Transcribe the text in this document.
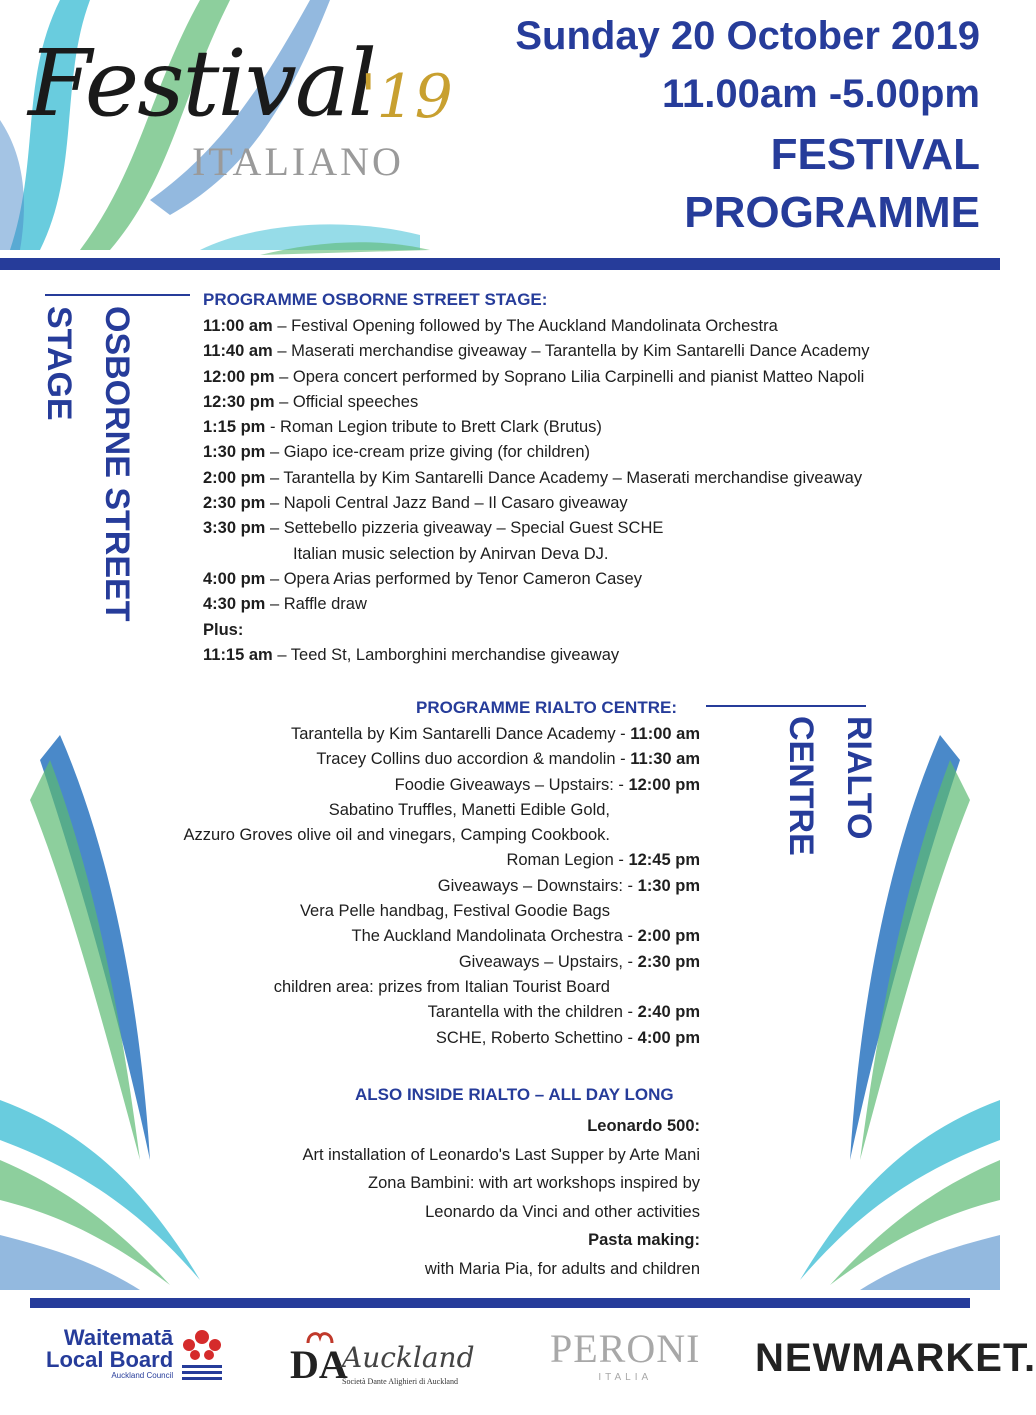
Festival
'19
ITALIANO
Sunday 20 October 2019
11.00am -5.00pm
FESTIVAL
PROGRAMME
OSBORNE STREET
STAGE
PROGRAMME OSBORNE STREET STAGE:
11:00 am – Festival Opening followed by The Auckland Mandolinata Orchestra
11:40 am – Maserati merchandise giveaway – Tarantella by Kim Santarelli Dance Academy
12:00 pm – Opera concert performed by Soprano Lilia Carpinelli and pianist Matteo Napoli
12:30 pm – Official speeches
1:15 pm - Roman Legion tribute to Brett Clark (Brutus)
1:30 pm – Giapo ice-cream prize giving (for children)
2:00 pm – Tarantella by Kim Santarelli Dance Academy – Maserati merchandise giveaway
2:30 pm – Napoli Central Jazz Band – Il Casaro giveaway
3:30 pm – Settebello pizzeria giveaway – Special Guest SCHE
Italian music selection by Anirvan Deva DJ.
4:00 pm – Opera Arias performed by Tenor Cameron Casey
4:30 pm – Raffle draw
Plus:
11:15 am – Teed St, Lamborghini merchandise giveaway
PROGRAMME RIALTO CENTRE:
RIALTO
CENTRE
Tarantella by Kim Santarelli Dance Academy - 11:00 am
Tracey Collins duo accordion & mandolin - 11:30 am
Foodie Giveaways – Upstairs: - 12:00 pm
Sabatino Truffles, Manetti Edible Gold,
Azzuro Groves olive oil and vinegars, Camping Cookbook.
Roman Legion - 12:45 pm
Giveaways – Downstairs: - 1:30 pm
Vera Pelle handbag, Festival Goodie Bags
The Auckland Mandolinata Orchestra - 2:00 pm
Giveaways – Upstairs, - 2:30 pm
children area: prizes from Italian Tourist Board
Tarantella with the children - 2:40 pm
SCHE, Roberto Schettino - 4:00 pm
ALSO INSIDE RIALTO – ALL DAY LONG
Leonardo 500:
Art installation of Leonardo's Last Supper by Arte Mani
Zona Bambini: with art workshops inspired by
Leonardo da Vinci and other activities
Pasta making:
with Maria Pia, for adults and children
Waitematā
Local Board
Auckland Council	DA
Auckland
Società Dante Alighieri di Auckland
PERONI
ITALIA	NEWMARKET.
